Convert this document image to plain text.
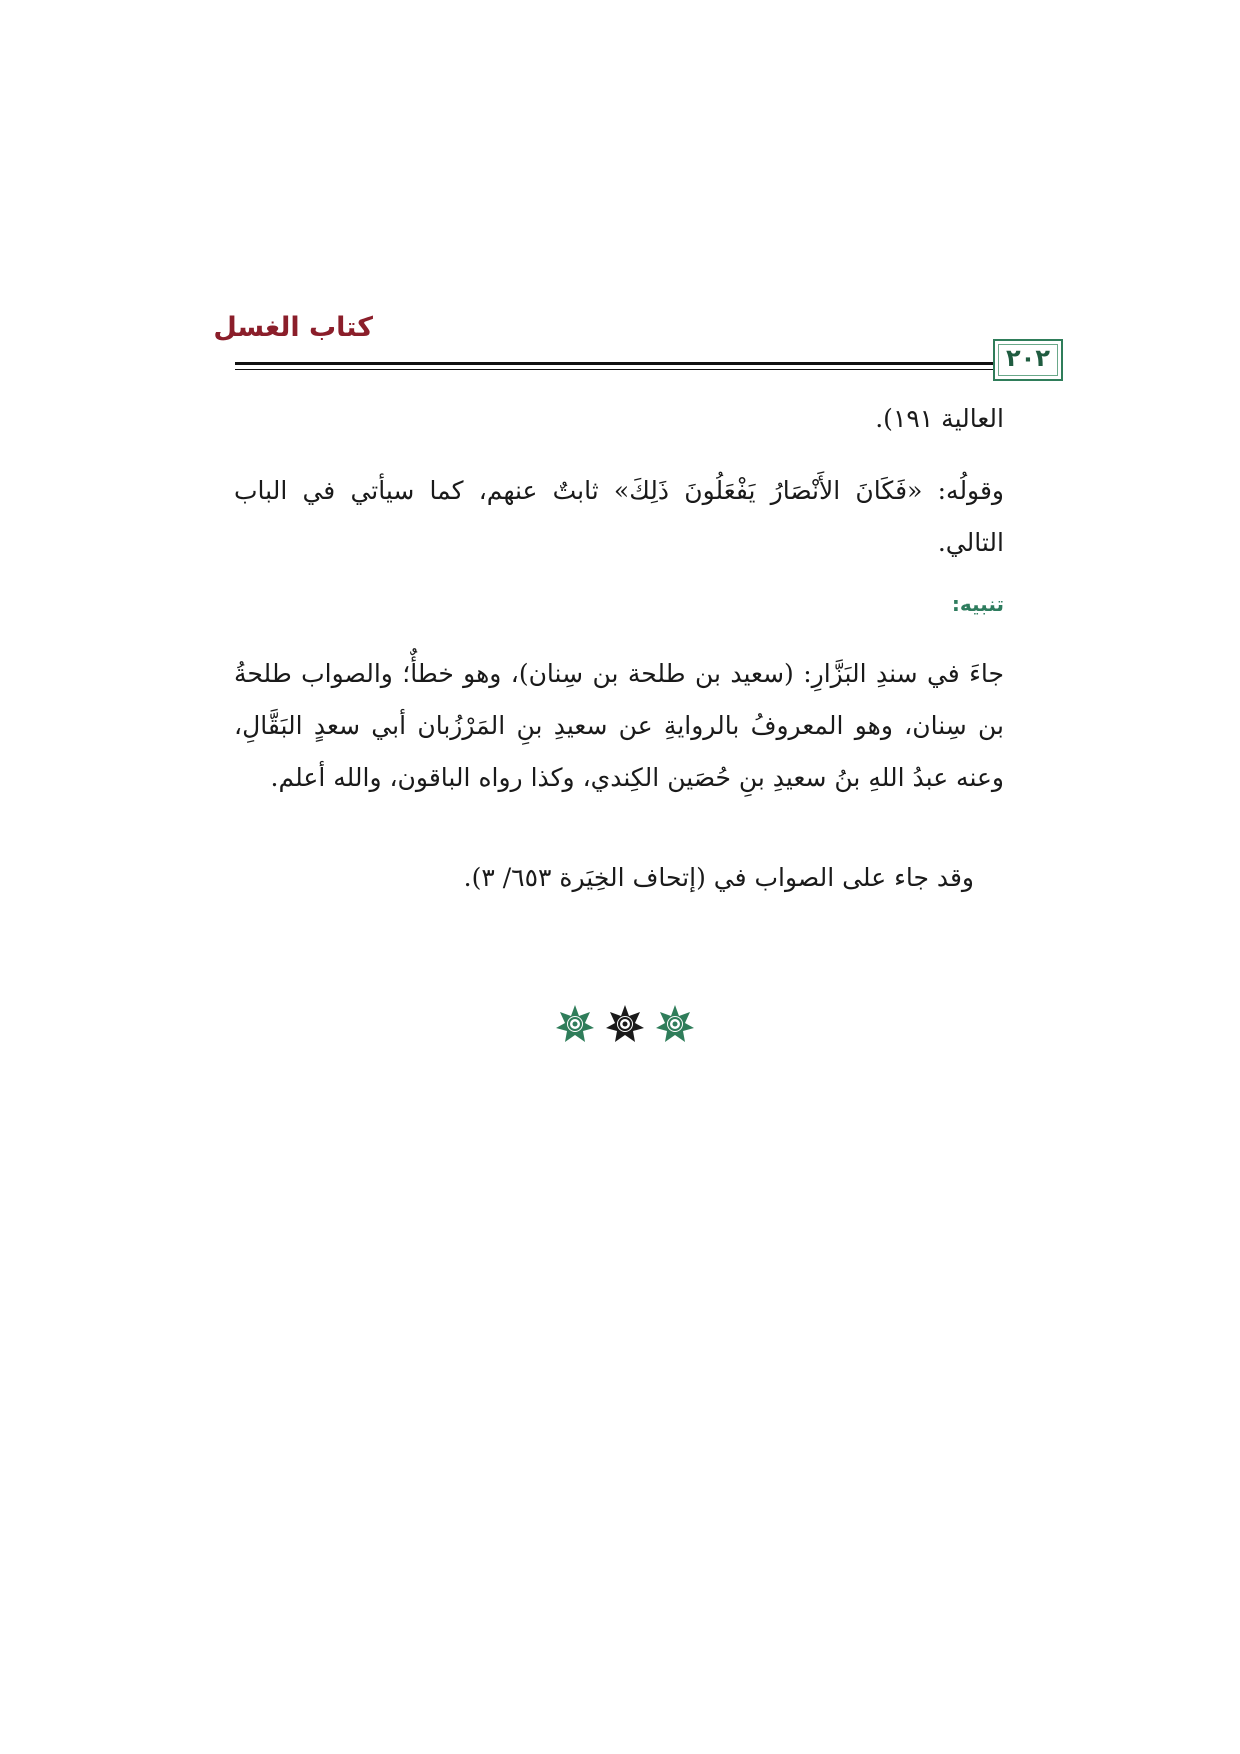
كتاب الغسل
٢٠٢
العالية ١٩١).
وقولُه: «فَكَانَ الأَنْصَارُ يَفْعَلُونَ ذَلِكَ» ثابتٌ عنهم، كما سيأتي في الباب التالي.
تنبيه:
جاءَ في سندِ البَزَّارِ: (سعيد بن طلحة بن سِنان)، وهو خطأٌ؛ والصواب طلحةُ بن سِنان، وهو المعروفُ بالروايةِ عن سعيدِ بنِ المَرْزُبان أبي سعدٍ البَقَّالِ، وعنه عبدُ اللهِ بنُ سعيدِ بنِ حُصَين الكِندي، وكذا رواه الباقون، والله أعلم.
وقد جاء على الصواب في (إتحاف الخِيَرة ٦٥٣/ ٣).
